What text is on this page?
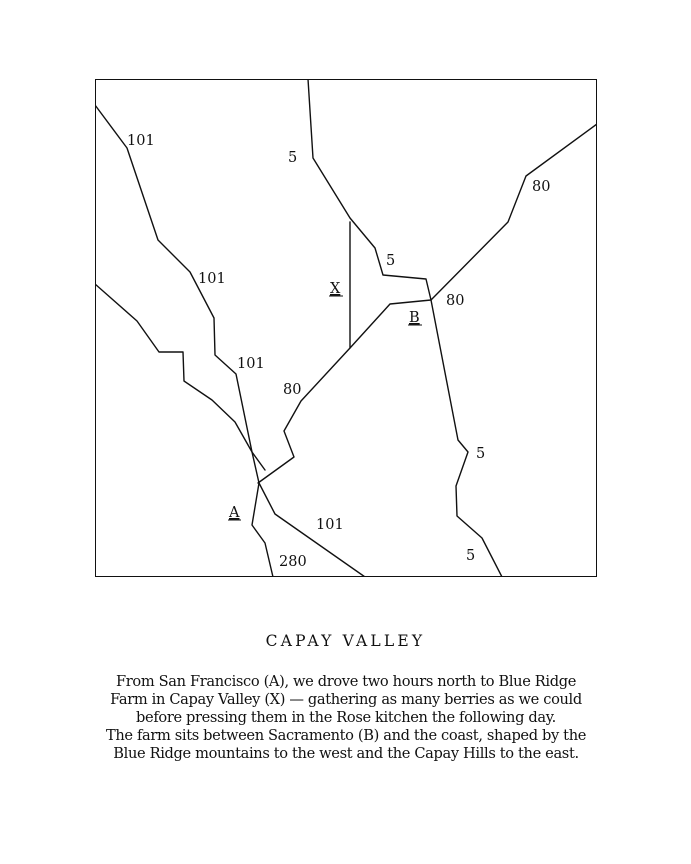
101
101
101
101
5
5
5
5
80
80
80
280
X
B
A
CAPAY VALLEY

From San Francisco (A), we drove two hours north to Blue Ridge
Farm in Capay Valley (X) — gathering as many berries as we could
before pressing them in the Rose kitchen the following day.
The farm sits between Sacramento (B) and the coast, shaped by the
Blue Ridge mountains to the west and the Capay Hills to the east.
